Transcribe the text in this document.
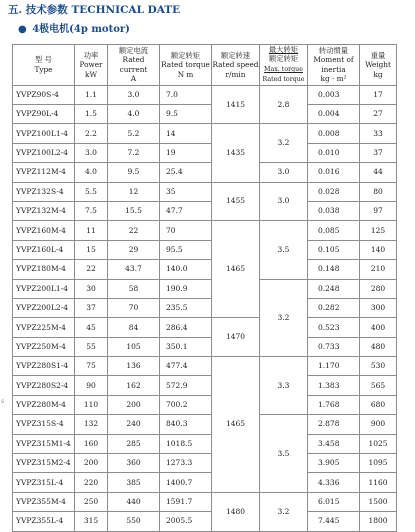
五. 技术参数 TECHNICAL DATE
● 4极电机(4p motor)
s
型 号
Type	功率
Power
kW	额定电流
Rated current
A	额定转矩
Rated torque
N m	额定转速
Rated speed
r/min	最大转矩
额定转矩
Max. torque
Rated torque	转动惯量
Moment of
inertia
kg · m²	重量
Weight
kg
YVPZ90S-4	1.1	3.0	7.0	1415	2.8	0.003	17
YVPZ90L-4	1.5	4.0	9.5			0.004	27
YVPZ100L1-4	2.2	5.2	14	1435	3.2	0.008	33
YVPZ100L2-4	3.0	7.2	19			0.010	37
YVPZ112M-4	4.0	9.5	25.4		3.0	0.016	44
YVPZ132S-4	5.5	12	35	1455	3.0	0.028	80
YVPZ132M-4	7.5	15.5	47.7			0.038	97
YVPZ160M-4	11	22	70	1465	3.5	0.085	125
YVPZ160L-4	15	29	95.5			0.105	140
YVPZ180M-4	22	43.7	140.0			0.148	210
YVPZ200L1-4	30	58	190.9		3.2	0.248	280
YVPZ200L2-4	37	70	235.5			0.282	300
YVPZ225M-4	45	84	286.4	1470		0.523	400
YVPZ250M-4	55	105	350.1			0.733	480
YVPZ280S1-4	75	136	477.4	1465	3.3	1.170	530
YVPZ280S2-4	90	162	572.9			1.383	565
YVPZ280M-4	110	200	700.2			1.768	680
YVPZ315S-4	132	240	840.3		3.5	2.878	900
YVPZ315M1-4	160	285	1018.5			3.458	1025
YVPZ315M2-4	200	360	1273.3			3.905	1095
YVPZ315L-4	220	385	1400.7			4.336	1160
YVPZ355M-4	250	440	1591.7	1480	3.2	6.015	1500
YVPZ355L-4	315	550	2005.5			7.445	1800
